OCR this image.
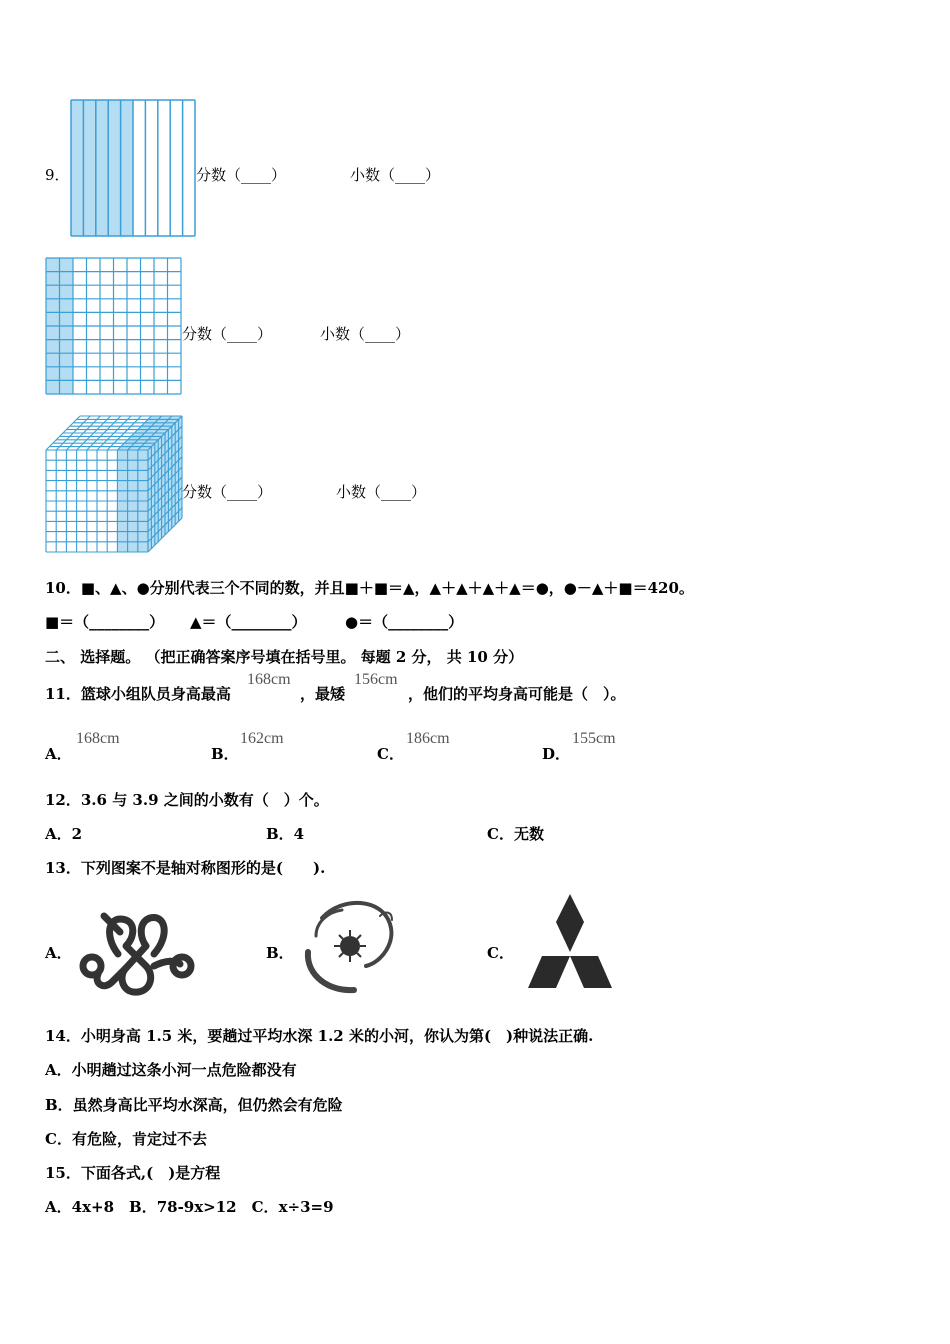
9．	分数（____）	小数（____）
分数（____）	小数（____）
分数（____）	小数（____）
10．■、▲、●分别代表三个不同的数，并且■＋■＝▲，▲＋▲＋▲＋▲＝●，●－▲＋■＝420。
■＝（________） ▲＝（________）	●＝（________）
二、 选择题。 （把正确答案序号填在括号里。 每题 2 分， 共 10 分）
11．篮球小组队员身高最高
168cm
，最矮
156cm
，他们的平均身高可能是（　）。
A．
168cm
B．
162cm
C．
186cm
D．
155cm
12．3.6 与 3.9 之间的小数有（　）个。
A．2	B．4	C．无数
13．下列图案不是轴对称图形的是(　　).
A．	B．	C．
14．小明身高 1.5 米，要趟过平均水深 1.2 米的小河，你认为第(　)种说法正确.
A．小明趟过这条小河一点危险都没有
B．虽然身高比平均水深高，但仍然会有危险
C．有危险，肯定过不去
15．下面各式,(　)是方程
A．4x+8　B．78-9x>12　C．x÷3=9
